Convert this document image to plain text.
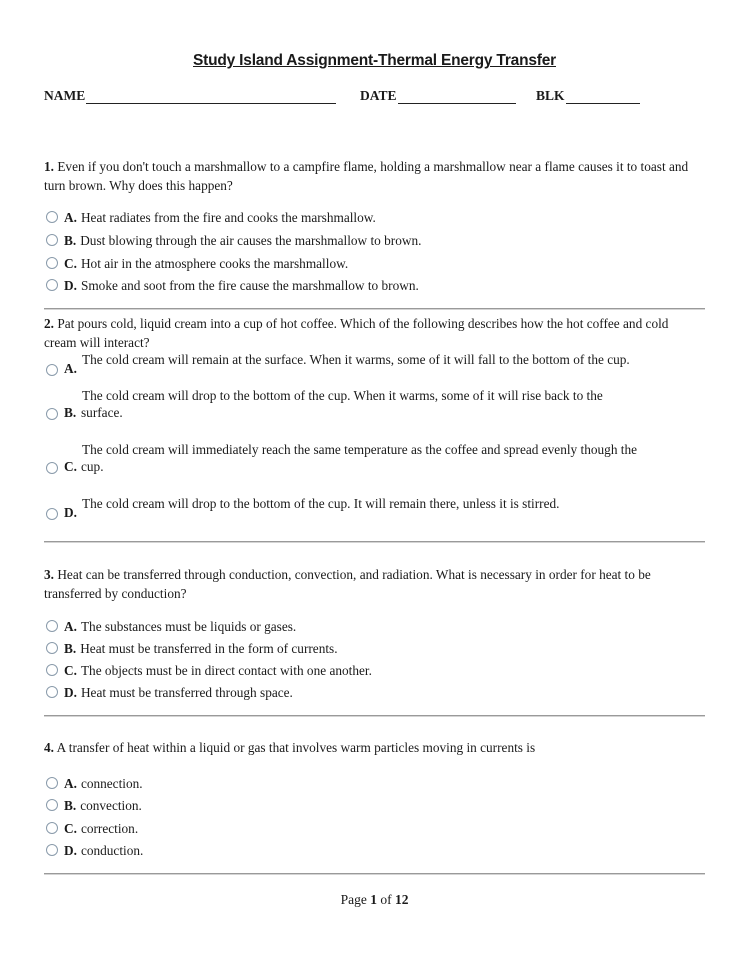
Study Island Assignment-Thermal Energy Transfer
NAME	DATE	BLK
1. Even if you don't touch a marshmallow to a campfire flame, holding a marshmallow near a flame causes it to toast and turn brown. Why does this happen?
A. Heat radiates from the fire and cooks the marshmallow.
B. Dust blowing through the air causes the marshmallow to brown.
C. Hot air in the atmosphere cooks the marshmallow.
D. Smoke and soot from the fire cause the marshmallow to brown.
2. Pat pours cold, liquid cream into a cup of hot coffee. Which of the following describes how the hot coffee and cold cream will interact?
The cold cream will remain at the surface. When it warms, some of it will fall to the bottom of the cup.
A.
The cold cream will drop to the bottom of the cup. When it warms, some of it will rise back to the
B. surface.
The cold cream will immediately reach the same temperature as the coffee and spread evenly though the
C. cup.
The cold cream will drop to the bottom of the cup. It will remain there, unless it is stirred.
D.
3. Heat can be transferred through conduction, convection, and radiation. What is necessary in order for heat to be transferred by conduction?
A. The substances must be liquids or gases.
B. Heat must be transferred in the form of currents.
C. The objects must be in direct contact with one another.
D. Heat must be transferred through space.
4. A transfer of heat within a liquid or gas that involves warm particles moving in currents is
A. connection.
B. convection.
C. correction.
D. conduction.
Page 1 of 12
